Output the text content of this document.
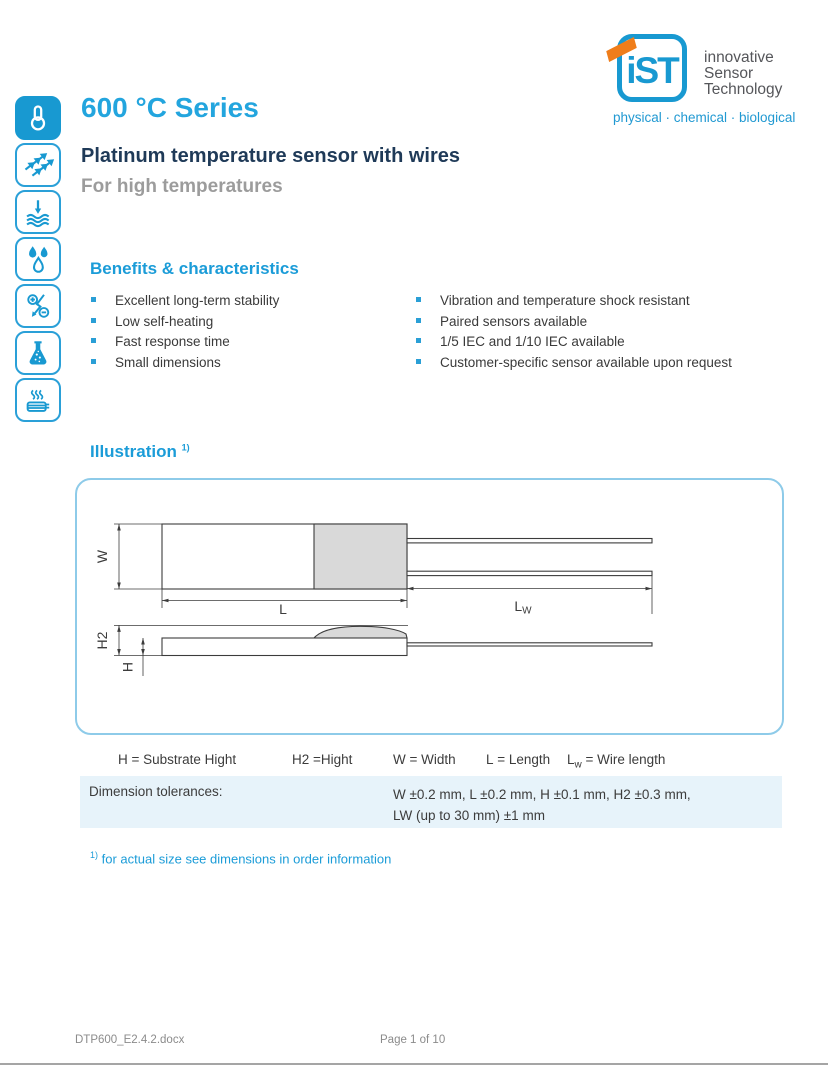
iST innovative
Sensor
Technology
physical · chemical · biological
600 °C Series
Platinum temperature sensor with wires
For high temperatures
Benefits & characteristics
Excellent long-term stability
Low self-heating
Fast response time
Small dimensions
Vibration and temperature shock resistant
Paired sensors available
1/5 IEC and 1/10 IEC available
Customer-specific sensor available upon request
Illustration $^{1)}$
W
L	LW
H2
H
H = Substrate Hight	H2 =Hight	W = Width L = Length $L_w$ = Wire length
Dimension tolerances:	W ±0.2 mm, L ±0.2 mm, H ±0.1 mm, H2 ±0.3 mm,
LW (up to 30 mm) ±1 mm
$^{1)}$ for actual size see dimensions in order information
DTP600_E2.4.2.docx	Page 1 of 10
